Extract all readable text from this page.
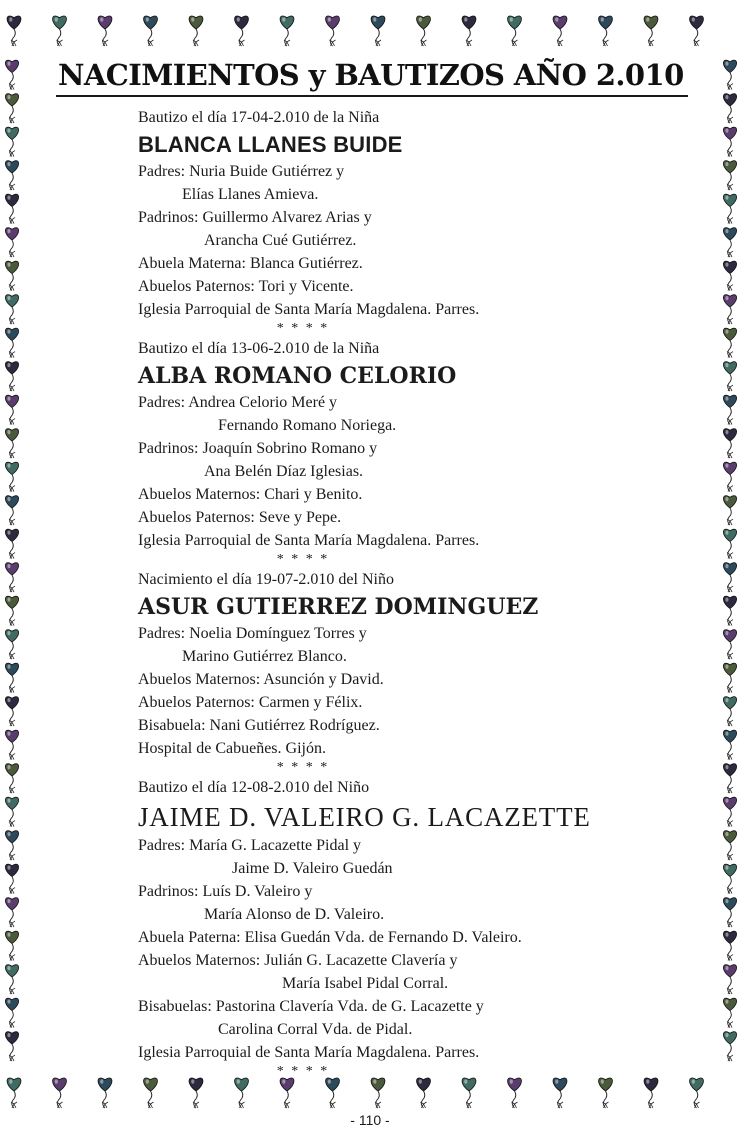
NACIMIENTOS y BAUTIZOS AÑO 2.010
Bautizo el día 17-04-2.010 de la Niña
BLANCA LLANES BUIDE
Padres: Nuria Buide Gutiérrez y
Elías Llanes Amieva.
Padrinos: Guillermo Alvarez Arias y
Arancha Cué Gutiérrez.
Abuela Materna: Blanca Gutiérrez.
Abuelos Paternos: Tori y Vicente.
Iglesia Parroquial de Santa María Magdalena. Parres.
* * * *
Bautizo el día 13-06-2.010 de la Niña
ALBA ROMANO CELORIO
Padres: Andrea Celorio Meré y
Fernando Romano Noriega.
Padrinos: Joaquín Sobrino Romano y
Ana Belén Díaz Iglesias.
Abuelos Maternos: Chari y Benito.
Abuelos Paternos: Seve y Pepe.
Iglesia Parroquial de Santa María Magdalena. Parres.
* * * *
Nacimiento el día 19-07-2.010 del Niño
ASUR GUTIERREZ DOMINGUEZ
Padres: Noelia Domínguez Torres y
Marino Gutiérrez Blanco.
Abuelos Maternos: Asunción y David.
Abuelos Paternos: Carmen y Félix.
Bisabuela: Nani Gutiérrez Rodríguez.
Hospital de Cabueñes. Gijón.
* * * *
Bautizo el día 12-08-2.010 del Niño
JAIME D. VALEIRO G. LACAZETTE
Padres: María G. Lacazette Pidal y
Jaime D. Valeiro Guedán
Padrinos: Luís D. Valeiro y
María Alonso de D. Valeiro.
Abuela Paterna: Elisa Guedán Vda. de Fernando D. Valeiro.
Abuelos Maternos: Julián G. Lacazette Clavería y
María Isabel Pidal Corral.
Bisabuelas: Pastorina Clavería Vda. de G. Lacazette y
Carolina Corral Vda. de Pidal.
Iglesia Parroquial de Santa María Magdalena. Parres.
* * * *
- 110 -
